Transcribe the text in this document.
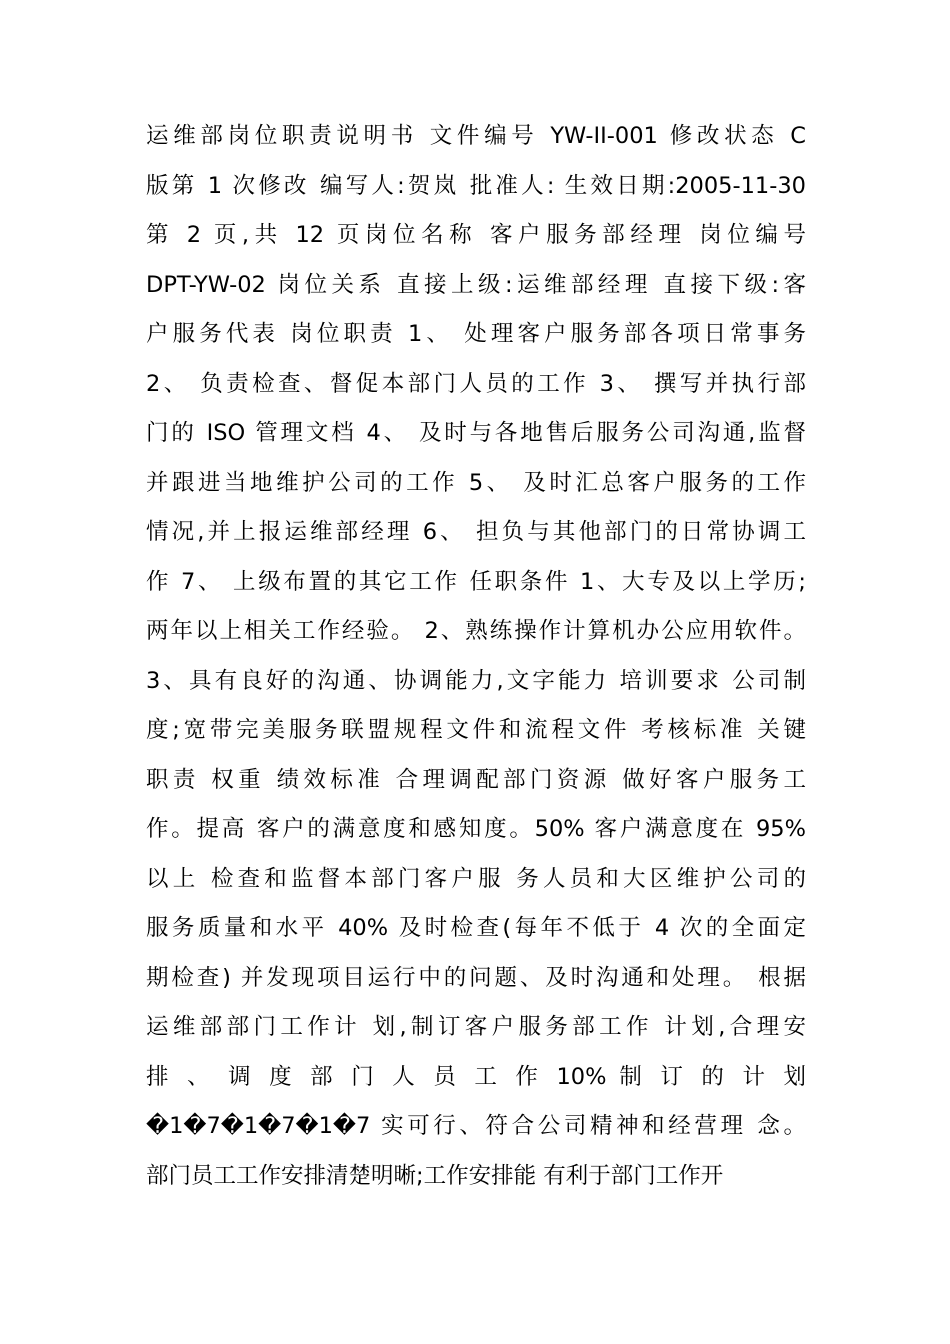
运维部岗位职责说明书 文件编号 YW-II-001 修改状态 C
版第 1 次修改 编写人:贺岚 批准人: 生效日期:2005-11-30
第 2 页,共 12 页岗位名称 客户服务部经理 岗位编号
DPT-YW-02 岗位关系 直接上级:运维部经理 直接下级:客
户服务代表 岗位职责 1、 处理客户服务部各项日常事务
2、 负责检查、督促本部门人员的工作 3、 撰写并执行部
门的 ISO 管理文档 4、 及时与各地售后服务公司沟通,监督
并跟进当地维护公司的工作 5、 及时汇总客户服务的工作
情况,并上报运维部经理 6、 担负与其他部门的日常协调工
作 7、 上级布置的其它工作 任职条件 1、大专及以上学历;
两年以上相关工作经验。 2、熟练操作计算机办公应用软件。
3、具有良好的沟通、协调能力,文字能力 培训要求 公司制
度;宽带完美服务联盟规程文件和流程文件 考核标准 关键
职责 权重 绩效标准 合理调配部门资源 做好客户服务工
作。提高 客户的满意度和感知度。50% 客户满意度在 95%
以上 检查和监督本部门客户服 务人员和大区维护公司的
服务质量和水平 40% 及时检查(每年不低于 4 次的全面定
期检查) 并发现项目运行中的问题、及时沟通和处理。 根据
运维部部门工作计 划,制订客户服务部工作 计划,合理安
排 、 调 度 部 门 人 员 工 作 10% 制 订 的 计 划
�1�7�1�7�1�7 实可行、符合公司精神和经营理 念。
部门员工工作安排清楚明晰;工作安排能 有利于部门工作开
